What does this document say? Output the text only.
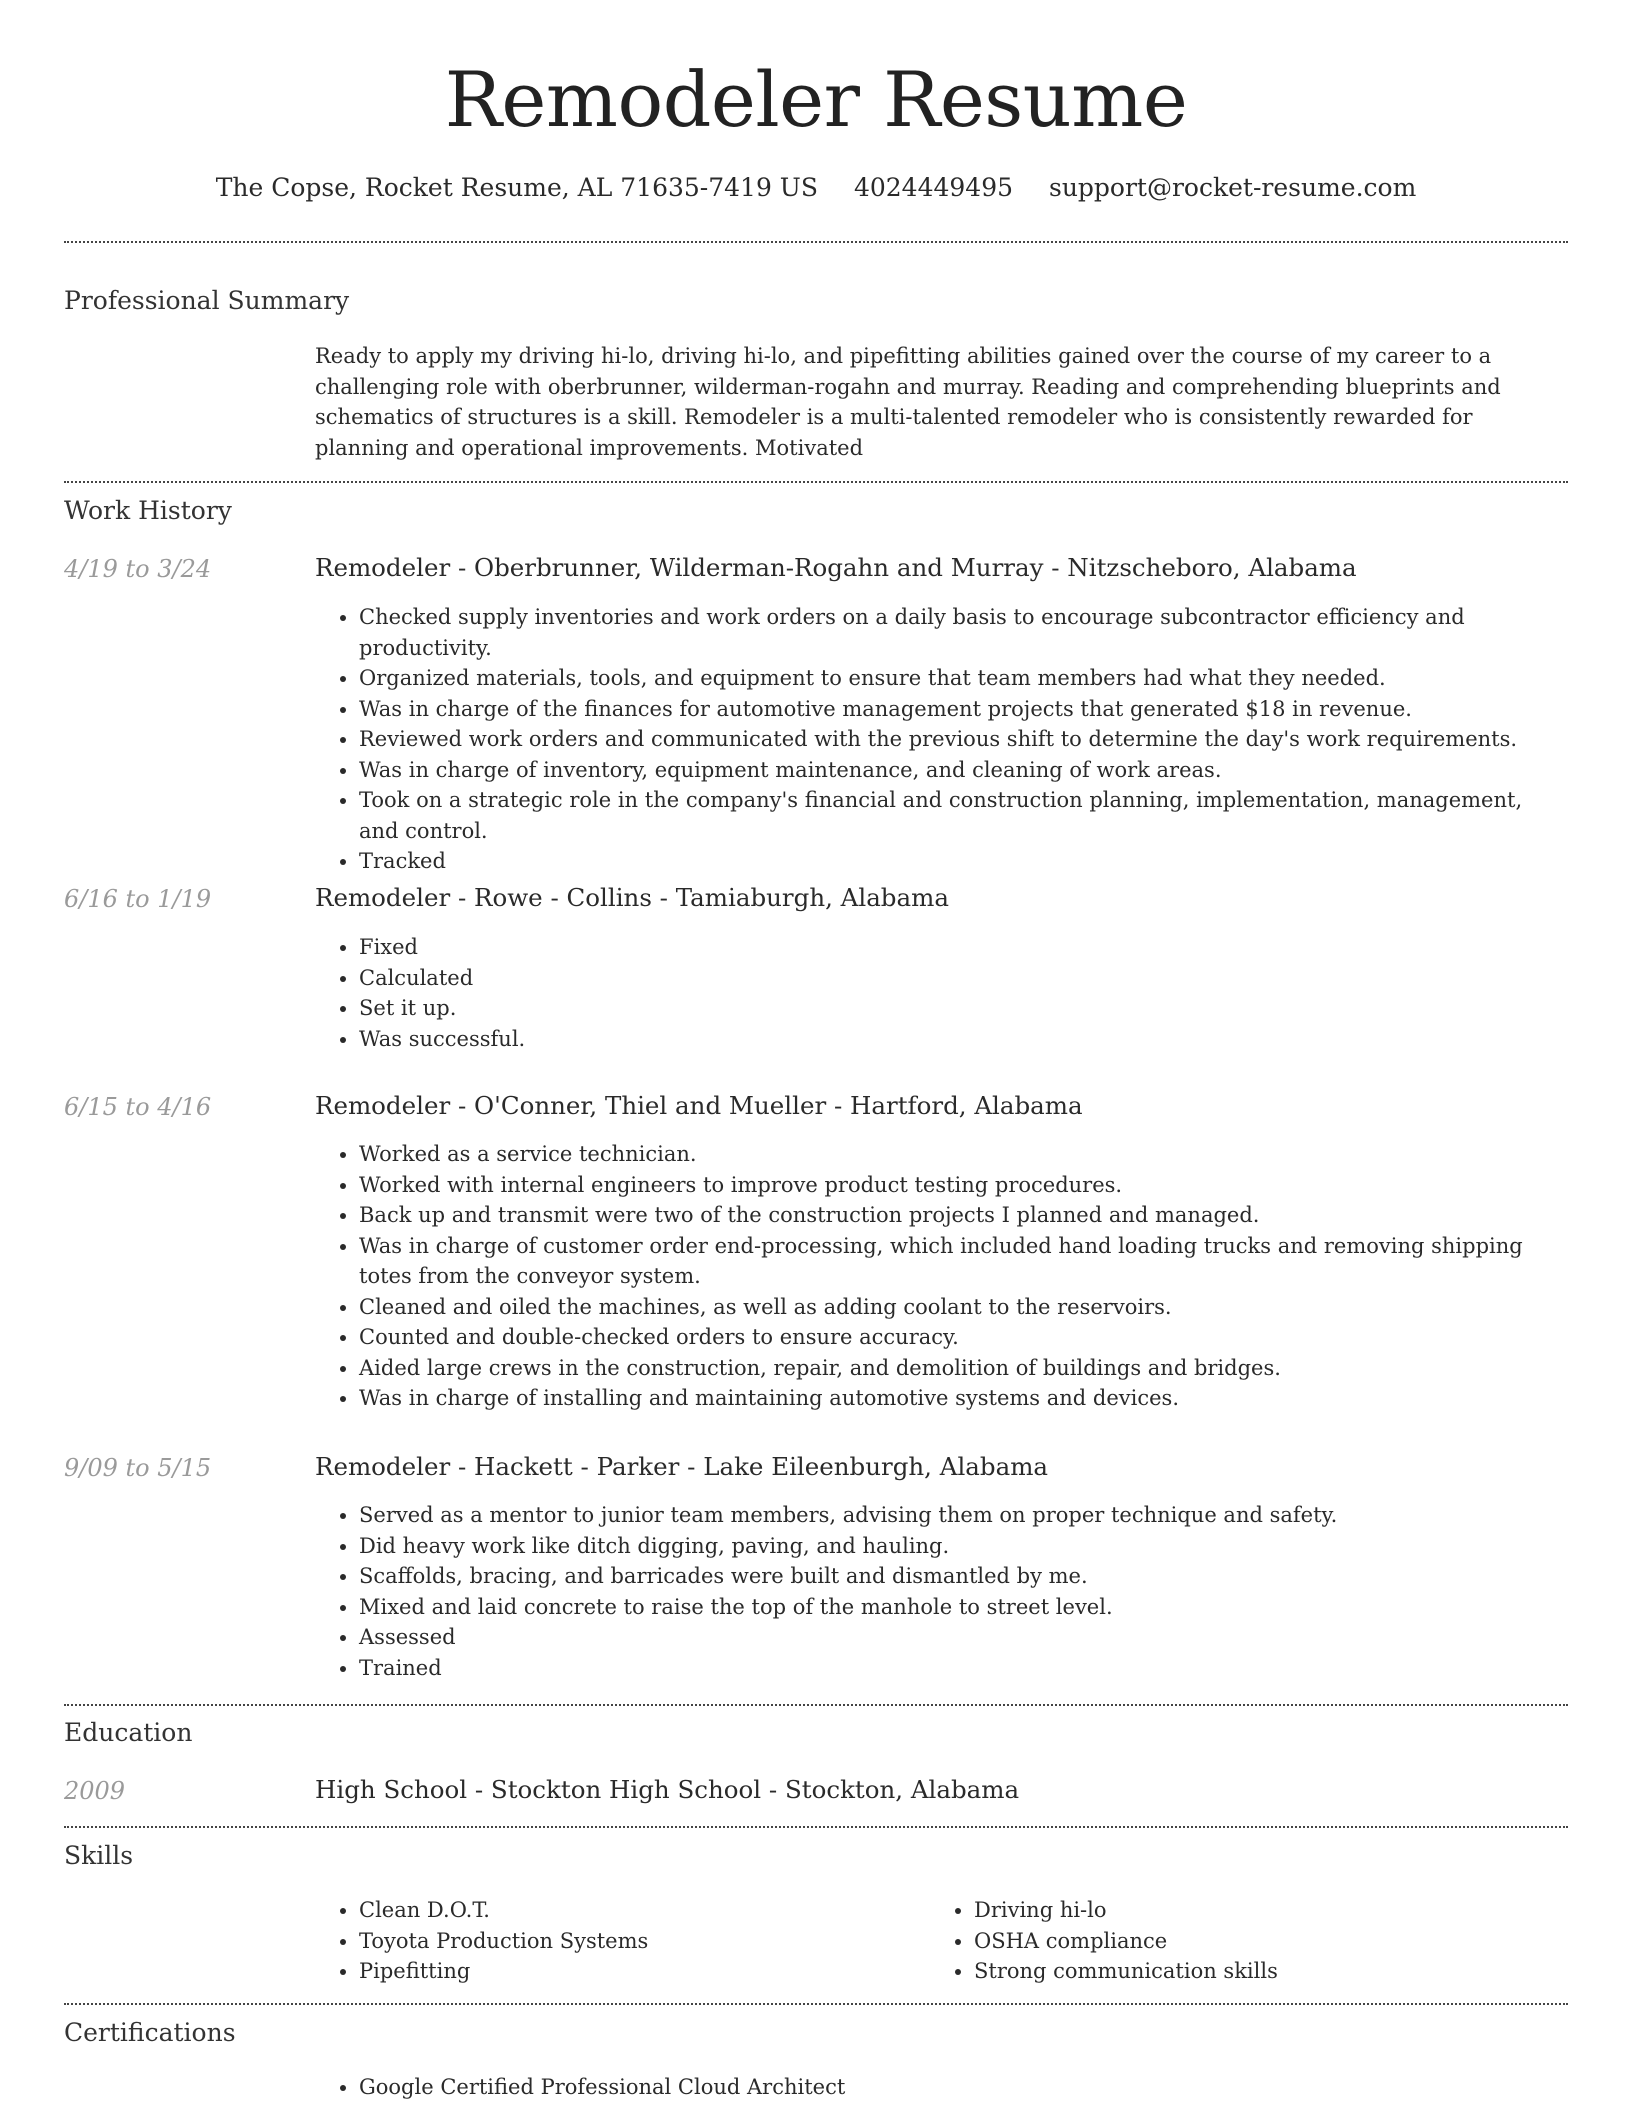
Remodeler Resume
The Copse, Rocket Resume, AL 71635-7419 US 4024449495 support@rocket-resume.com
Professional Summary
Ready to apply my driving hi-lo, driving hi-lo, and pipefitting abilities gained over the course of my career to a challenging role with oberbrunner, wilderman-rogahn and murray. Reading and comprehending blueprints and schematics of structures is a skill. Remodeler is a multi-talented remodeler who is consistently rewarded for planning and operational improvements. Motivated
Work History
4/19 to 3/24	Remodeler - Oberbrunner, Wilderman-Rogahn and Murray - Nitzscheboro, Alabama
• Checked supply inventories and work orders on a daily basis to encourage subcontractor efficiency and productivity.
• Organized materials, tools, and equipment to ensure that team members had what they needed.
• Was in charge of the finances for automotive management projects that generated $18 in revenue.
• Reviewed work orders and communicated with the previous shift to determine the day's work requirements.
• Was in charge of inventory, equipment maintenance, and cleaning of work areas.
• Took on a strategic role in the company's financial and construction planning, implementation, management, and control.
• Tracked
6/16 to 1/19	Remodeler - Rowe - Collins - Tamiaburgh, Alabama
• Fixed
• Calculated
• Set it up.
• Was successful.
6/15 to 4/16	Remodeler - O'Conner, Thiel and Mueller - Hartford, Alabama
• Worked as a service technician.
• Worked with internal engineers to improve product testing procedures.
• Back up and transmit were two of the construction projects I planned and managed.
• Was in charge of customer order end-processing, which included hand loading trucks and removing shipping totes from the conveyor system.
• Cleaned and oiled the machines, as well as adding coolant to the reservoirs.
• Counted and double-checked orders to ensure accuracy.
• Aided large crews in the construction, repair, and demolition of buildings and bridges.
• Was in charge of installing and maintaining automotive systems and devices.
9/09 to 5/15	Remodeler - Hackett - Parker - Lake Eileenburgh, Alabama
• Served as a mentor to junior team members, advising them on proper technique and safety.
• Did heavy work like ditch digging, paving, and hauling.
• Scaffolds, bracing, and barricades were built and dismantled by me.
• Mixed and laid concrete to raise the top of the manhole to street level.
• Assessed
• Trained
Education
2009	High School - Stockton High School - Stockton, Alabama
Skills
• Clean D.O.T.
• Toyota Production Systems
• Pipefitting
• Driving hi-lo
• OSHA compliance
• Strong communication skills
Certifications
• Google Certified Professional Cloud Architect
